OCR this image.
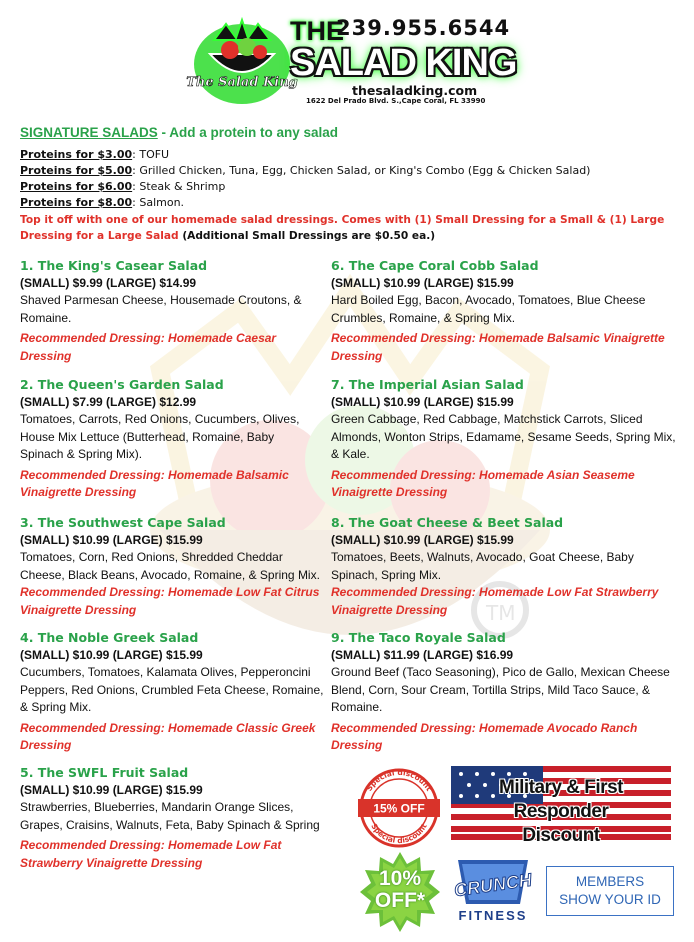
TM
The Salad King
THE
239.955.6544
SALAD KING
thesaladking.com
1622 Del Prado Blvd. S.,Cape Coral, FL 33990
SIGNATURE SALADS - Add a protein to any salad
Proteins for $3.00: TOFU
Proteins for $5.00: Grilled Chicken, Tuna, Egg, Chicken Salad, or King's Combo (Egg & Chicken Salad)
Proteins for $6.00: Steak & Shrimp
Proteins for $8.00: Salmon.
Top it off with one of our homemade salad dressings. Comes with (1) Small Dressing for a Small & (1) Large Dressing for a Large Salad (Additional Small Dressings are $0.50 ea.)
1. The King's Casear Salad
(SMALL) $9.99 (LARGE) $14.99
Shaved Parmesan Cheese, Housemade Croutons, & Romaine.
Recommended Dressing: Homemade Caesar Dressing
2. The Queen's Garden Salad
(SMALL) $7.99 (LARGE) $12.99
Tomatoes, Carrots, Red Onions, Cucumbers, Olives, House Mix Lettuce (Butterhead, Romaine, Baby Spinach & Spring Mix).
Recommended Dressing: Homemade Balsamic Vinaigrette Dressing
3. The Southwest Cape Salad
(SMALL) $10.99 (LARGE) $15.99
Tomatoes, Corn, Red Onions, Shredded Cheddar Cheese, Black Beans, Avocado, Romaine, & Spring Mix.
Recommended Dressing: Homemade Low Fat Citrus Vinaigrette Dressing
4. The Noble Greek Salad
(SMALL) $10.99 (LARGE) $15.99
Cucumbers, Tomatoes, Kalamata Olives, Pepperoncini Peppers, Red Onions, Crumbled Feta Cheese, Romaine, & Spring Mix.
Recommended Dressing: Homemade Classic Greek Dressing
5. The SWFL Fruit Salad
(SMALL) $10.99 (LARGE) $15.99
Strawberries, Blueberries, Mandarin Orange Slices, Grapes, Craisins, Walnuts, Feta, Baby Spinach & Spring
Recommended Dressing: Homemade Low Fat Strawberry Vinaigrette Dressing
6. The Cape Coral Cobb Salad
(SMALL) $10.99 (LARGE) $15.99
Hard Boiled Egg, Bacon, Avocado, Tomatoes, Blue Cheese Crumbles, Romaine, & Spring Mix.
Recommended Dressing: Homemade Balsamic Vinaigrette Dressing
7. The Imperial Asian Salad
(SMALL) $10.99 (LARGE) $15.99
Green Cabbage, Red Cabbage, Matchstick Carrots, Sliced Almonds, Wonton Strips, Edamame, Sesame Seeds, Spring Mix, & Kale.
Recommended Dressing: Homemade Asian Seaseme Vinaigrette Dressing
8. The Goat Cheese & Beet Salad
(SMALL) $10.99 (LARGE) $15.99
Tomatoes, Beets, Walnuts, Avocado, Goat Cheese, Baby Spinach, Spring Mix.
Recommended Dressing: Homemade Low Fat Strawberry Vinaigrette Dressing
9. The Taco Royale Salad
(SMALL) $11.99 (LARGE) $16.99
Ground Beef (Taco Seasoning), Pico de Gallo, Mexican Cheese Blend, Corn, Sour Cream, Tortilla Strips, Mild Taco Sauce, & Romaine.
Recommended Dressing: Homemade Avocado Ranch Dressing
Special discount
Special discount
15% OFF
Military & First Responder
Discount
10%
OFF*
CRUNCH
FITNESS
MEMBERS
SHOW YOUR ID
